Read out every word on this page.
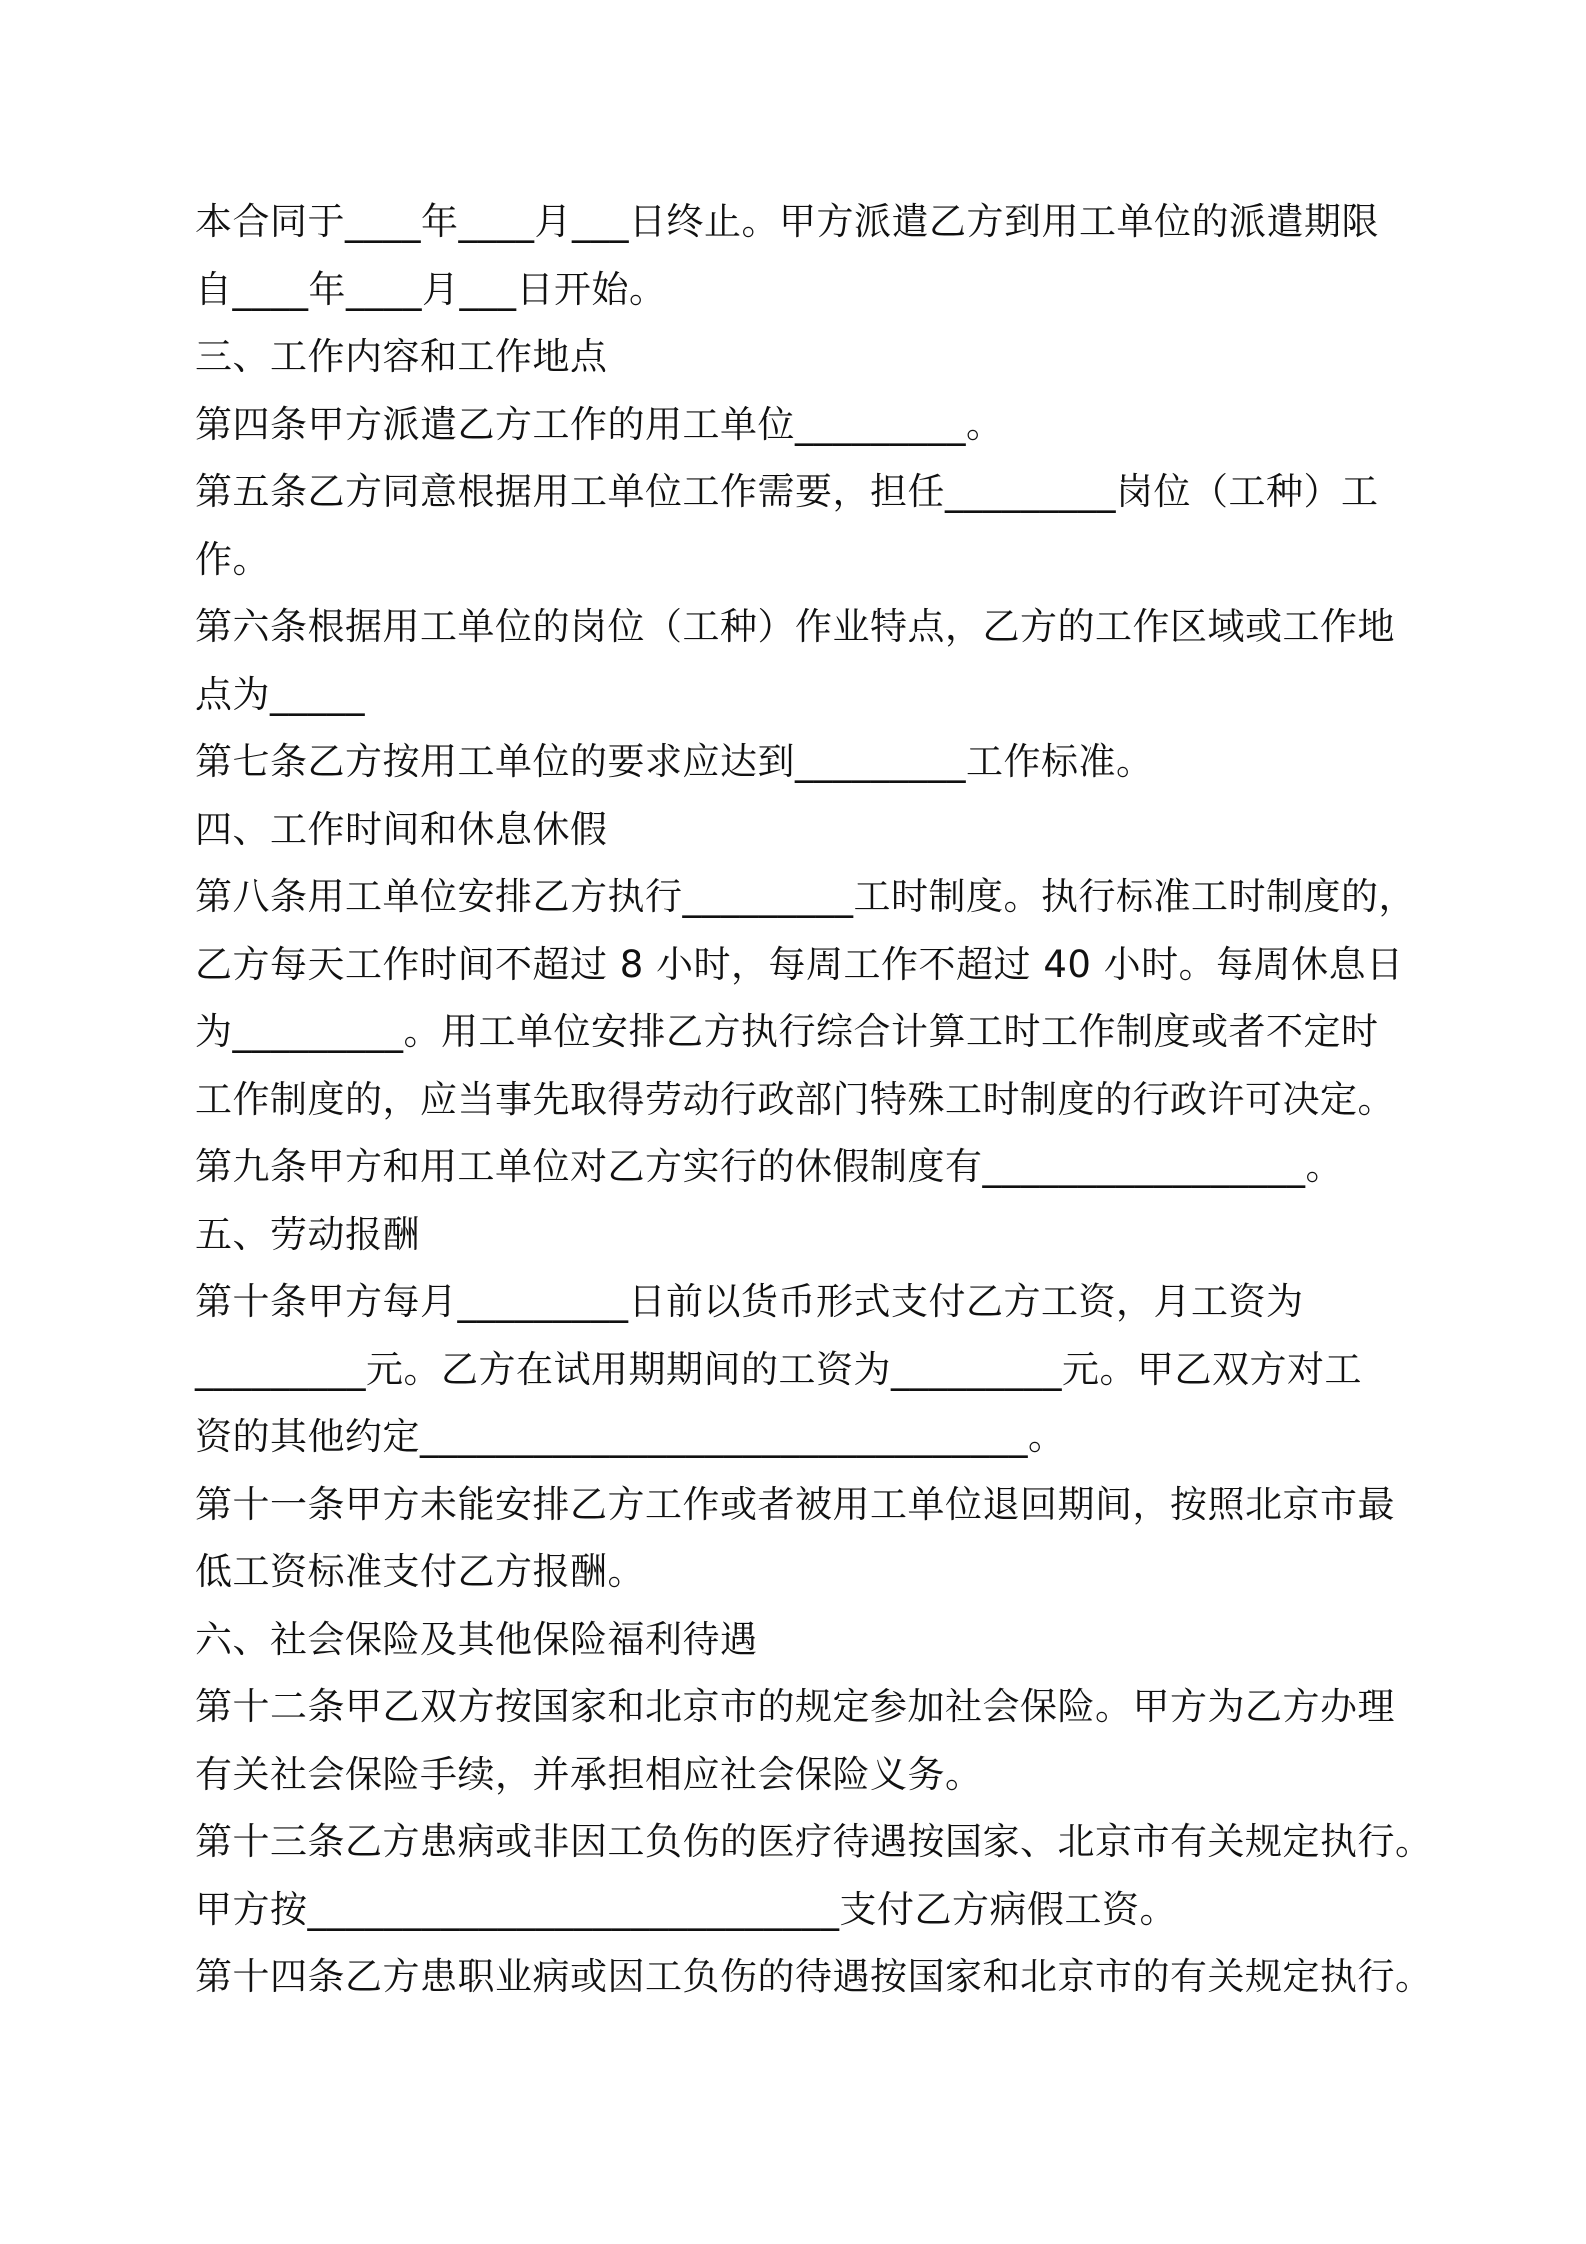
本合同于____年____月___日终止。甲方派遣乙方到用工单位的派遣期限
自____年____月___日开始。
三、工作内容和工作地点
第四条甲方派遣乙方工作的用工单位_________。
第五条乙方同意根据用工单位工作需要，担任_________岗位（工种）工
作。
第六条根据用工单位的岗位（工种）作业特点，乙方的工作区域或工作地
点为_____
第七条乙方按用工单位的要求应达到_________工作标准。
四、工作时间和休息休假
第八条用工单位安排乙方执行_________工时制度。执行标准工时制度的，
乙方每天工作时间不超过 8 小时，每周工作不超过 40 小时。每周休息日
为_________。用工单位安排乙方执行综合计算工时工作制度或者不定时
工作制度的，应当事先取得劳动行政部门特殊工时制度的行政许可决定。
第九条甲方和用工单位对乙方实行的休假制度有_________________。
五、劳动报酬
第十条甲方每月_________日前以货币形式支付乙方工资，月工资为
_________元。乙方在试用期期间的工资为_________元。甲乙双方对工
资的其他约定________________________________。
第十一条甲方未能安排乙方工作或者被用工单位退回期间，按照北京市最
低工资标准支付乙方报酬。
六、社会保险及其他保险福利待遇
第十二条甲乙双方按国家和北京市的规定参加社会保险。甲方为乙方办理
有关社会保险手续，并承担相应社会保险义务。
第十三条乙方患病或非因工负伤的医疗待遇按国家、北京市有关规定执行。
甲方按____________________________支付乙方病假工资。
第十四条乙方患职业病或因工负伤的待遇按国家和北京市的有关规定执行。
